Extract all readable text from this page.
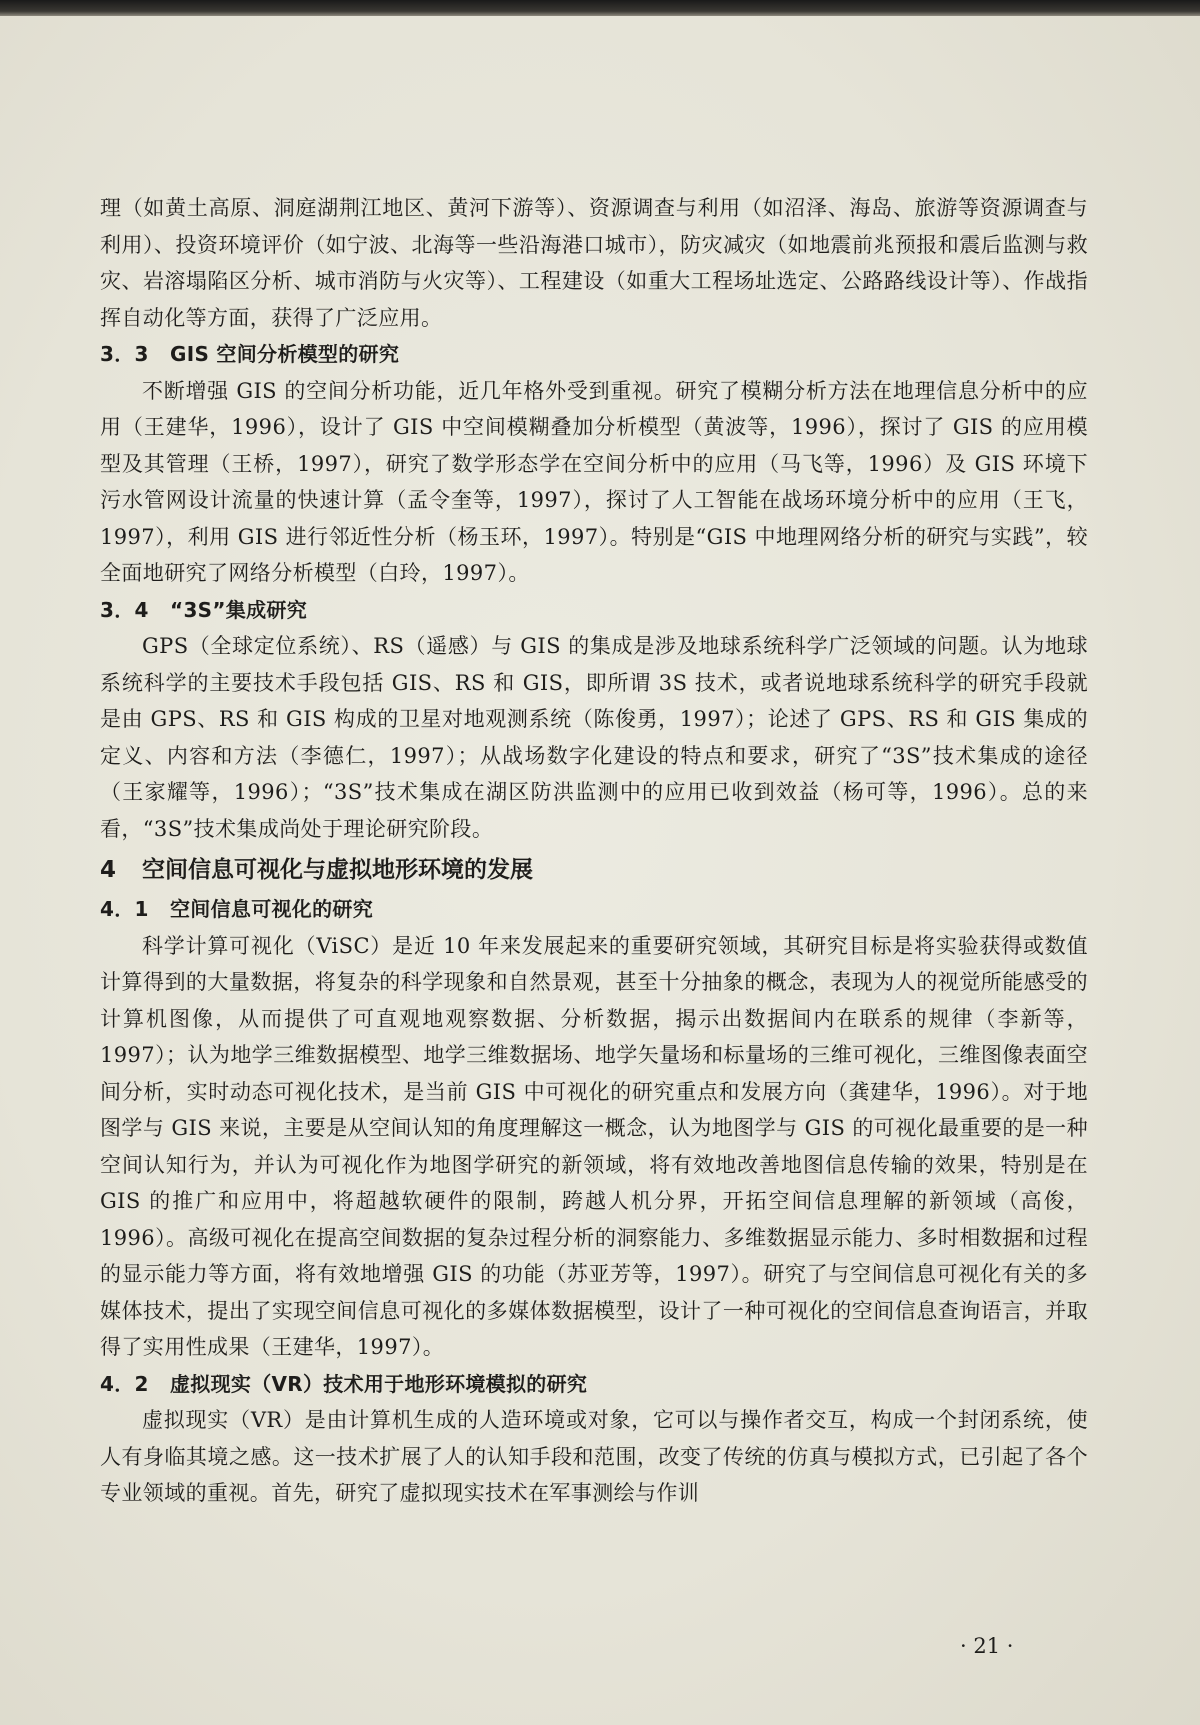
理（如黄土高原、洞庭湖荆江地区、黄河下游等）、资源调查与利用（如沼泽、海岛、旅游等资源调查与利用）、投资环境评价（如宁波、北海等一些沿海港口城市），防灾减灾（如地震前兆预报和震后监测与救灾、岩溶塌陷区分析、城市消防与火灾等）、工程建设（如重大工程场址选定、公路路线设计等）、作战指挥自动化等方面，获得了广泛应用。

3．3 GIS 空间分析模型的研究

不断增强 GIS 的空间分析功能，近几年格外受到重视。研究了模糊分析方法在地理信息分析中的应用（王建华，1996），设计了 GIS 中空间模糊叠加分析模型（黄波等，1996），探讨了 GIS 的应用模型及其管理（王桥，1997），研究了数学形态学在空间分析中的应用（马飞等，1996）及 GIS 环境下污水管网设计流量的快速计算（孟令奎等，1997），探讨了人工智能在战场环境分析中的应用（王飞，1997），利用 GIS 进行邻近性分析（杨玉环，1997）。特别是“GIS 中地理网络分析的研究与实践”，较全面地研究了网络分析模型（白玲，1997）。

3．4 “3S”集成研究

GPS（全球定位系统）、RS（遥感）与 GIS 的集成是涉及地球系统科学广泛领域的问题。认为地球系统科学的主要技术手段包括 GIS、RS 和 GIS，即所谓 3S 技术，或者说地球系统科学的研究手段就是由 GPS、RS 和 GIS 构成的卫星对地观测系统（陈俊勇，1997）；论述了 GPS、RS 和 GIS 集成的定义、内容和方法（李德仁，1997）；从战场数字化建设的特点和要求，研究了“3S”技术集成的途径（王家耀等，1996）；“3S”技术集成在湖区防洪监测中的应用已收到效益（杨可等，1996）。总的来看，“3S”技术集成尚处于理论研究阶段。

4 空间信息可视化与虚拟地形环境的发展
4．1 空间信息可视化的研究

科学计算可视化（ViSC）是近 10 年来发展起来的重要研究领域，其研究目标是将实验获得或数值计算得到的大量数据，将复杂的科学现象和自然景观，甚至十分抽象的概念，表现为人的视觉所能感受的计算机图像，从而提供了可直观地观察数据、分析数据，揭示出数据间内在联系的规律（李新等，1997）；认为地学三维数据模型、地学三维数据场、地学矢量场和标量场的三维可视化，三维图像表面空间分析，实时动态可视化技术，是当前 GIS 中可视化的研究重点和发展方向（龚建华，1996）。对于地图学与 GIS 来说，主要是从空间认知的角度理解这一概念，认为地图学与 GIS 的可视化最重要的是一种空间认知行为，并认为可视化作为地图学研究的新领域，将有效地改善地图信息传输的效果，特别是在 GIS 的推广和应用中，将超越软硬件的限制，跨越人机分界，开拓空间信息理解的新领域（高俊，1996）。高级可视化在提高空间数据的复杂过程分析的洞察能力、多维数据显示能力、多时相数据和过程的显示能力等方面，将有效地增强 GIS 的功能（苏亚芳等，1997）。研究了与空间信息可视化有关的多媒体技术，提出了实现空间信息可视化的多媒体数据模型，设计了一种可视化的空间信息查询语言，并取得了实用性成果（王建华，1997）。

4．2 虚拟现实（VR）技术用于地形环境模拟的研究

虚拟现实（VR）是由计算机生成的人造环境或对象，它可以与操作者交互，构成一个封闭系统，使人有身临其境之感。这一技术扩展了人的认知手段和范围，改变了传统的仿真与模拟方式，已引起了各个专业领域的重视。首先，研究了虚拟现实技术在军事测绘与作训

· 21 ·
